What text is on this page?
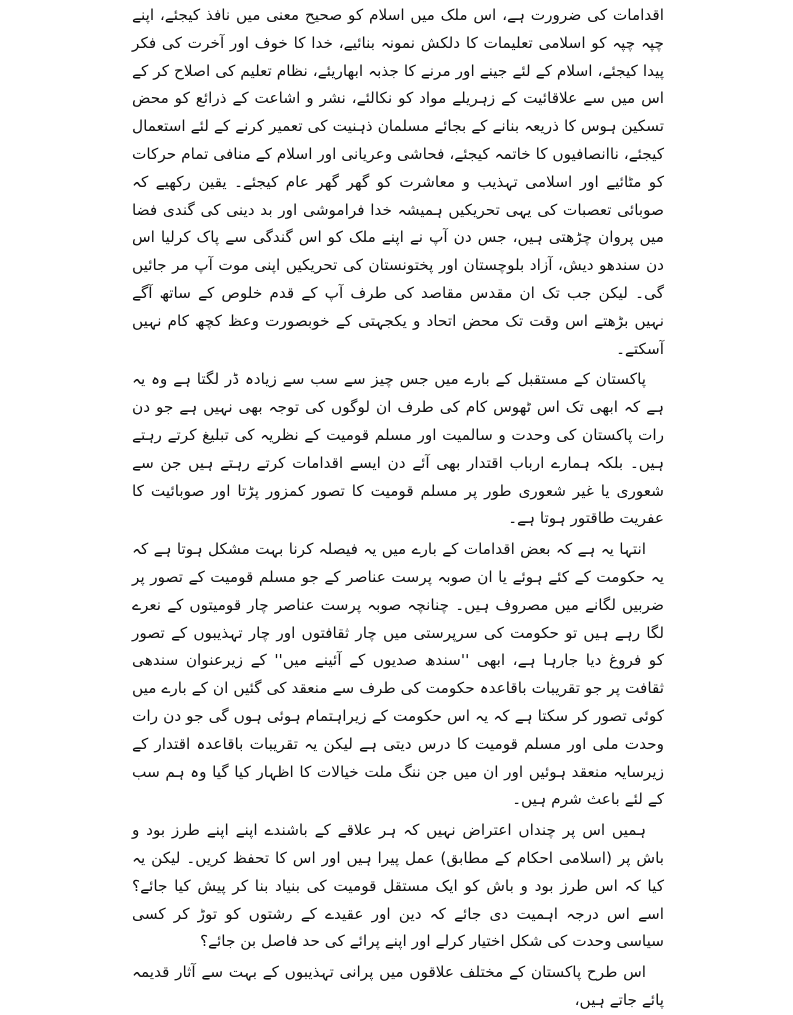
اقدامات کی ضرورت ہے، اس ملک میں اسلام کو صحیح معنی میں نافذ کیجئے، اپنے چپہ چپہ کو اسلامی تعلیمات کا دلکش نمونہ بنائیے، خدا کا خوف اور آخرت کی فکر پیدا کیجئے، اسلام کے لئے جینے اور مرنے کا جذبہ ابھاریئے، نظام تعلیم کی اصلاح کر کے اس میں سے علاقائیت کے زہریلے مواد کو نکالئے، نشر و اشاعت کے ذرائع کو محض تسکین ہوس کا ذریعہ بنانے کے بجائے مسلمان ذہنیت کی تعمیر کرنے کے لئے استعمال کیجئے، ناانصافیوں کا خاتمہ کیجئے، فحاشی وعریانی اور اسلام کے منافی تمام حرکات کو مٹائیے اور اسلامی تہذیب و معاشرت کو گھر گھر عام کیجئے۔ یقین رکھیے کہ صوبائی تعصبات کی یہی تحریکیں ہمیشہ خدا فراموشی اور بد دینی کی گندی فضا میں پروان چڑھتی ہیں، جس دن آپ نے اپنے ملک کو اس گندگی سے پاک کرلیا اس دن سندھو دیش، آزاد بلوچستان اور پختونستان کی تحریکیں اپنی موت آپ مر جائیں گی۔ لیکن جب تک ان مقدس مقاصد کی طرف آپ کے قدم خلوص کے ساتھ آگے نہیں بڑھتے اس وقت تک محض اتحاد و یکجہتی کے خوبصورت وعظ کچھ کام نہیں آسکتے۔

پاکستان کے مستقبل کے بارے میں جس چیز سے سب سے زیادہ ڈر لگتا ہے وہ یہ ہے کہ ابھی تک اس ٹھوس کام کی طرف ان لوگوں کی توجہ بھی نہیں ہے جو دن رات پاکستان کی وحدت و سالمیت اور مسلم قومیت کے نظریہ کی تبلیغ کرتے رہتے ہیں۔ بلکہ ہمارے ارباب اقتدار بھی آئے دن ایسے اقدامات کرتے رہتے ہیں جن سے شعوری یا غیر شعوری طور پر مسلم قومیت کا تصور کمزور پڑتا اور صوبائیت کا عفریت طاقتور ہوتا ہے۔

انتہا یہ ہے کہ بعض اقدامات کے بارے میں یہ فیصلہ کرنا بہت مشکل ہوتا ہے کہ یہ حکومت کے کئے ہوئے یا ان صوبہ پرست عناصر کے جو مسلم قومیت کے تصور پر ضربیں لگانے میں مصروف ہیں۔ چنانچہ صوبہ پرست عناصر چار قومیتوں کے نعرے لگا رہے ہیں تو حکومت کی سرپرستی میں چار ثقافتوں اور چار تہذیبوں کے تصور کو فروغ دیا جارہا ہے، ابھی ''سندھ صدیوں کے آئینے میں'' کے زیرعنوان سندھی ثقافت پر جو تقریبات باقاعدہ حکومت کی طرف سے منعقد کی گئیں ان کے بارے میں کوئی تصور کر سکتا ہے کہ یہ اس حکومت کے زیراہتمام ہوئی ہوں گی جو دن رات وحدت ملی اور مسلم قومیت کا درس دیتی ہے لیکن یہ تقریبات باقاعدہ اقتدار کے زیرسایہ منعقد ہوئیں اور ان میں جن ننگ ملت خیالات کا اظہار کیا گیا وہ ہم سب کے لئے باعث شرم ہیں۔

ہمیں اس پر چنداں اعتراض نہیں کہ ہر علاقے کے باشندے اپنے اپنے طرز بود و باش پر (اسلامی احکام کے مطابق) عمل پیرا ہیں اور اس کا تحفظ کریں۔ لیکن یہ کیا کہ اس طرز بود و باش کو ایک مستقل قومیت کی بنیاد بنا کر پیش کیا جائے؟ اسے اس درجہ اہمیت دی جائے کہ دین اور عقیدے کے رشتوں کو توڑ کر کسی سیاسی وحدت کی شکل اختیار کرلے اور اپنے پرائے کی حد فاصل بن جائے؟

اس طرح پاکستان کے مختلف علاقوں میں پرانی تہذیبوں کے بہت سے آثار قدیمہ پائے جاتے ہیں،
